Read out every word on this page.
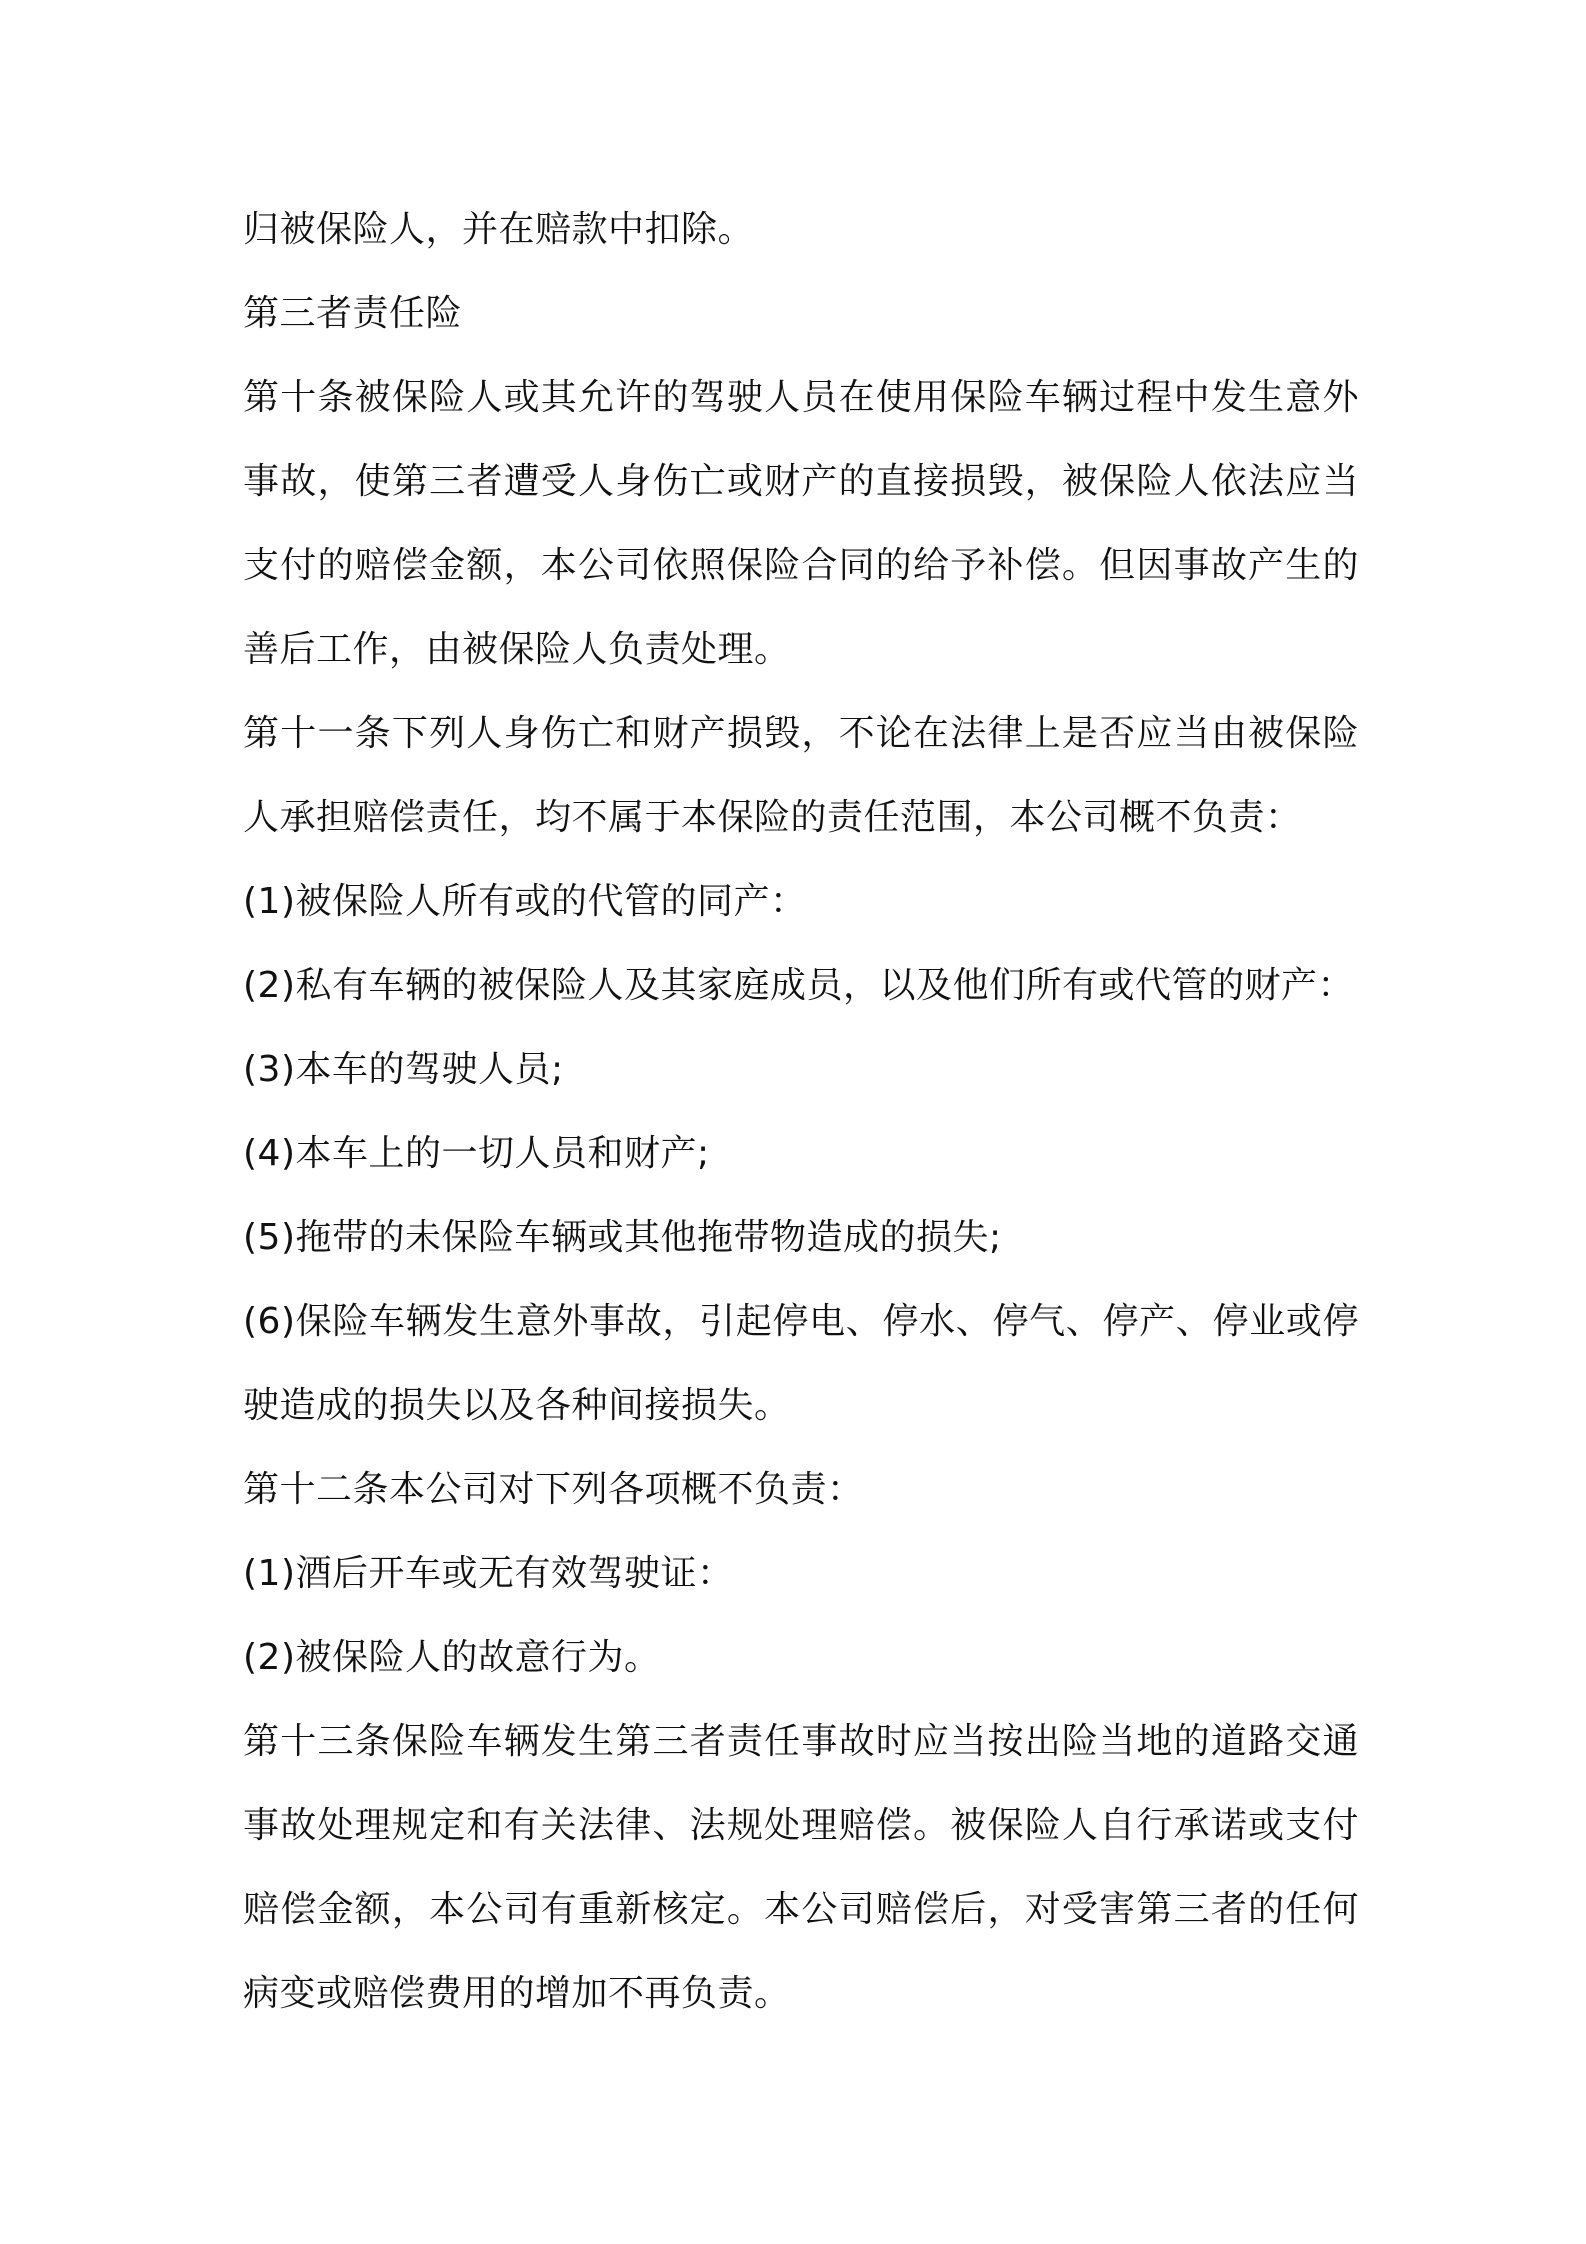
归被保险人，并在赔款中扣除。

第三者责任险

第十条被保险人或其允许的驾驶人员在使用保险车辆过程中发生意外事故，使第三者遭受人身伤亡或财产的直接损毁，被保险人依法应当支付的赔偿金额，本公司依照保险合同的给予补偿。但因事故产生的善后工作，由被保险人负责处理。

第十一条下列人身伤亡和财产损毁，不论在法律上是否应当由被保险人承担赔偿责任，均不属于本保险的责任范围，本公司概不负责：

(1)被保险人所有或的代管的同产：

(2)私有车辆的被保险人及其家庭成员，以及他们所有或代管的财产：

(3)本车的驾驶人员;

(4)本车上的一切人员和财产;

(5)拖带的未保险车辆或其他拖带物造成的损失;

(6)保险车辆发生意外事故，引起停电、停水、停气、停产、停业或停驶造成的损失以及各种间接损失。

第十二条本公司对下列各项概不负责：

(1)酒后开车或无有效驾驶证：

(2)被保险人的故意行为。

第十三条保险车辆发生第三者责任事故时应当按出险当地的道路交通事故处理规定和有关法律、法规处理赔偿。被保险人自行承诺或支付赔偿金额，本公司有重新核定。本公司赔偿后，对受害第三者的任何病变或赔偿费用的增加不再负责。
